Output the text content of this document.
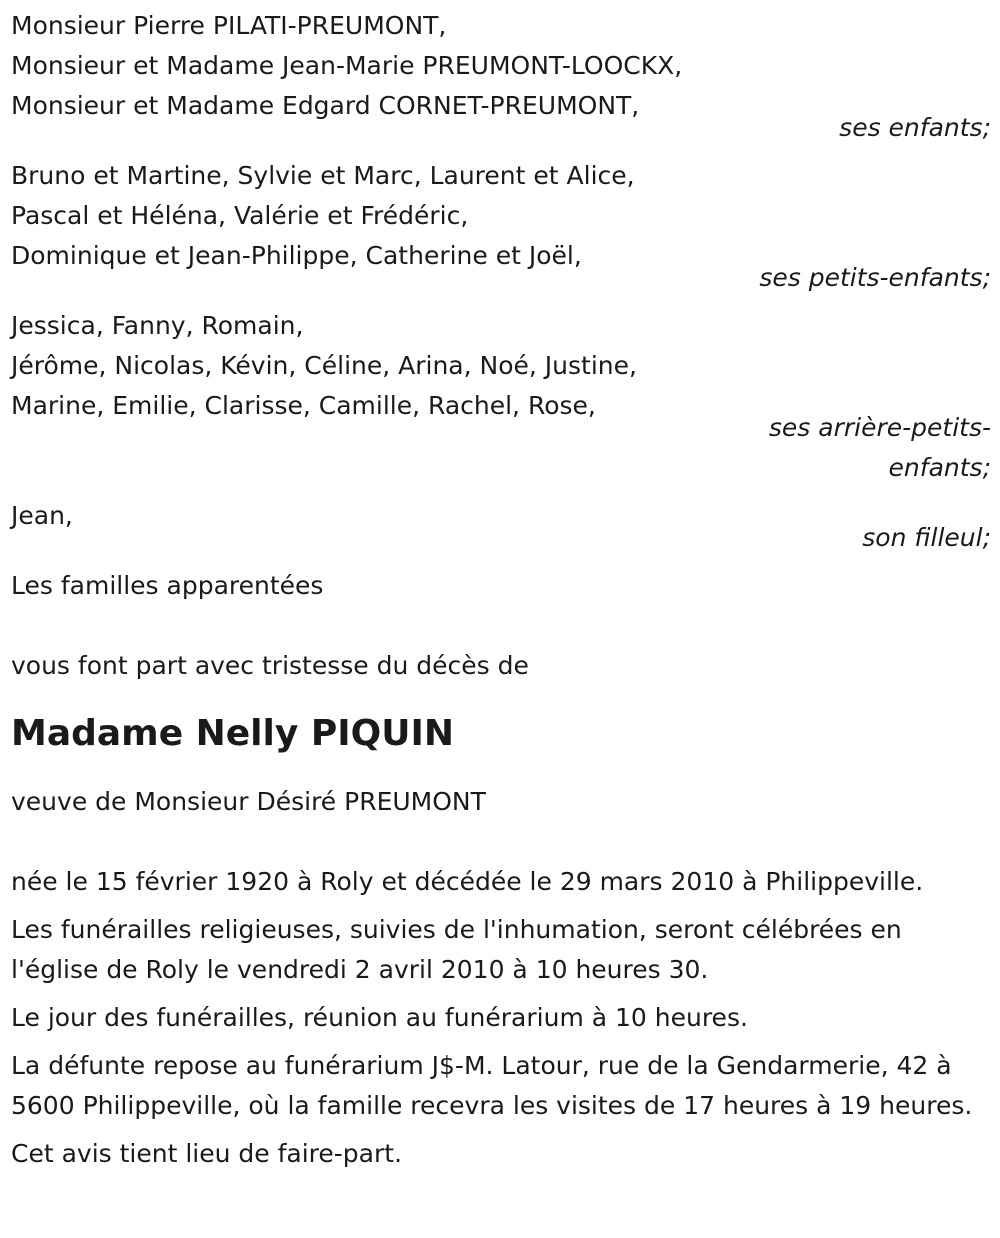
Monsieur Pierre PILATI-PREUMONT,
Monsieur et Madame Jean-Marie PREUMONT-LOOCKX,
Monsieur et Madame Edgard CORNET-PREUMONT,
ses enfants;
Bruno et Martine, Sylvie et Marc, Laurent et Alice,
Pascal et Héléna, Valérie et Frédéric,
Dominique et Jean-Philippe, Catherine et Joël,
ses petits-enfants;
Jessica, Fanny, Romain,
Jérôme, Nicolas, Kévin, Céline, Arina, Noé, Justine,
Marine, Emilie, Clarisse, Camille, Rachel, Rose,
ses arrière-petits-enfants;
Jean,
son filleul;
Les familles apparentées
vous font part avec tristesse du décès de
Madame Nelly PIQUIN
veuve de Monsieur Désiré PREUMONT
née le 15 février 1920 à Roly et décédée le 29 mars 2010 à Philippeville.
Les funérailles religieuses, suivies de l'inhumation, seront célébrées en l'église de Roly le vendredi 2 avril 2010 à 10 heures 30.
Le jour des funérailles, réunion au funérarium à 10 heures.
La défunte repose au funérarium J$-M. Latour, rue de la Gendarmerie, 42 à 5600 Philippeville, où la famille recevra les visites de 17 heures à 19 heures.
Cet avis tient lieu de faire-part.
